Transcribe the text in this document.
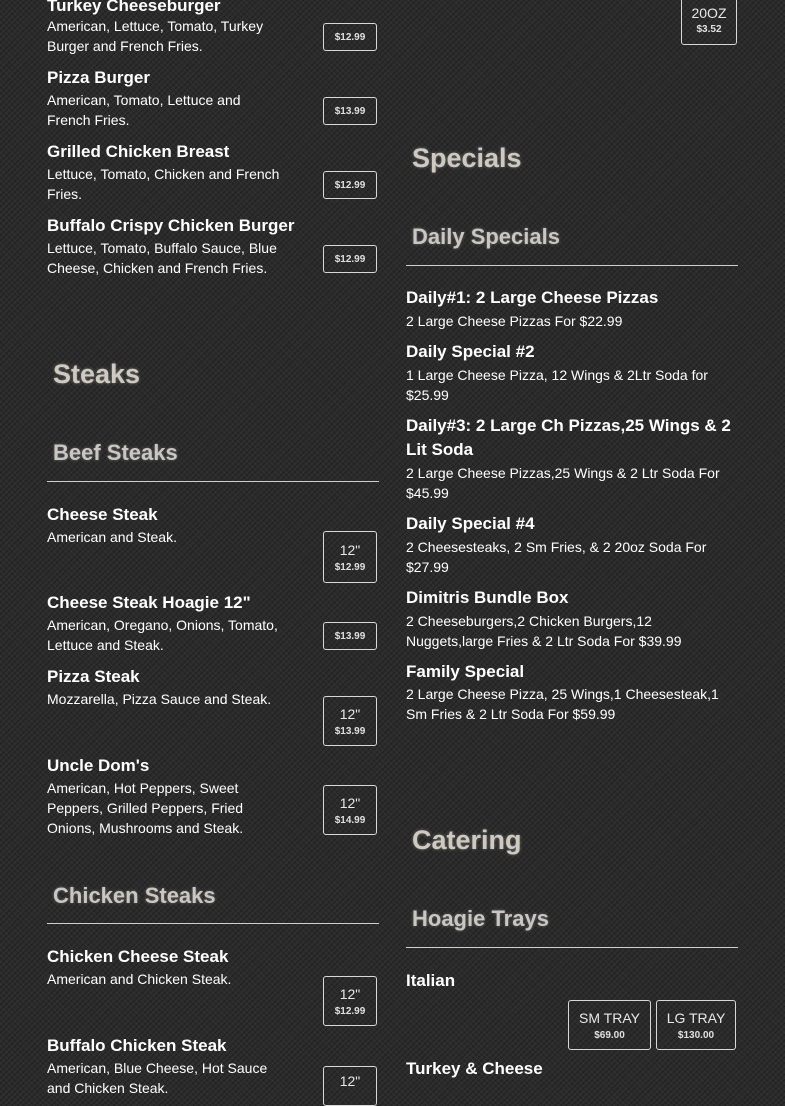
Turkey Cheeseburger
American, Lettuce, Tomato, Turkey Burger and French Fries.
$12.99
Pizza Burger
American, Tomato, Lettuce and French Fries.
$13.99
Grilled Chicken Breast
Lettuce, Tomato, Chicken and French Fries.
$12.99
Buffalo Crispy Chicken Burger
Lettuce, Tomato, Buffalo Sauce, Blue Cheese, Chicken and French Fries.
$12.99
Steaks
Beef Steaks
Cheese Steak
American and Steak.
12"
$12.99
Cheese Steak Hoagie 12"
American, Oregano, Onions, Tomato, Lettuce and Steak.
$13.99
Pizza Steak
Mozzarella, Pizza Sauce and Steak.
12"
$13.99
Uncle Dom's
American, Hot Peppers, Sweet Peppers, Grilled Peppers, Fried Onions, Mushrooms and Steak.
12"
$14.99
Chicken Steaks
Chicken Cheese Steak
American and Chicken Steak.
12"
$12.99
Buffalo Chicken Steak
American, Blue Cheese, Hot Sauce and Chicken Steak.	12"
20OZ
$3.52
Specials
Daily Specials
Daily#1: 2 Large Cheese Pizzas
2 Large Cheese Pizzas For $22.99
Daily Special #2
1 Large Cheese Pizza, 12 Wings & 2Ltr Soda for $25.99
Daily#3: 2 Large Ch Pizzas,25 Wings & 2 Lit Soda
2 Large Cheese Pizzas,25 Wings & 2 Ltr Soda For $45.99
Daily Special #4
2 Cheesesteaks, 2 Sm Fries, & 2 20oz Soda For $27.99
Dimitris Bundle Box
2 Cheeseburgers,2 Chicken Burgers,12 Nuggets,large Fries & 2 Ltr Soda For $39.99
Family Special
2 Large Cheese Pizza, 25 Wings,1 Cheesesteak,1 Sm Fries & 2 Ltr Soda For $59.99
Catering
Hoagie Trays
Italian
SM TRAY
$69.00
LG TRAY
$130.00
Turkey & Cheese
